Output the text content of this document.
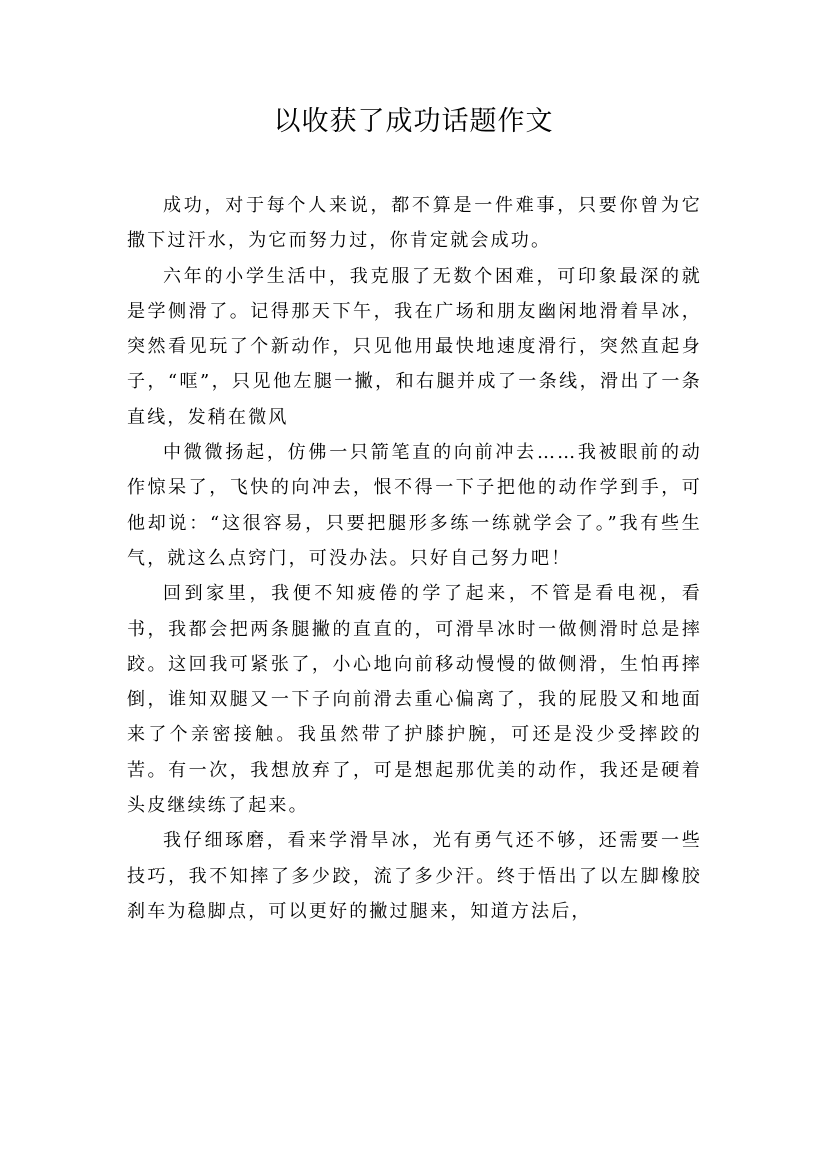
以收获了成功话题作文

成功，对于每个人来说，都不算是一件难事，只要你曾为它撒下过汗水，为它而努力过，你肯定就会成功。

六年的小学生活中，我克服了无数个困难，可印象最深的就是学侧滑了。记得那天下午，我在广场和朋友幽闲地滑着旱冰，突然看见玩了个新动作，只见他用最快地速度滑行，突然直起身子，“哐”，只见他左腿一撇，和右腿并成了一条线，滑出了一条直线，发稍在微风

中微微扬起，仿佛一只箭笔直的向前冲去……我被眼前的动作惊呆了，飞快的向冲去，恨不得一下子把他的动作学到手，可他却说：“这很容易，只要把腿形多练一练就学会了。”我有些生气，就这么点窍门，可没办法。只好自己努力吧！

回到家里，我便不知疲倦的学了起来，不管是看电视，看书，我都会把两条腿撇的直直的，可滑旱冰时一做侧滑时总是摔跤。这回我可紧张了，小心地向前移动慢慢的做侧滑，生怕再摔倒，谁知双腿又一下子向前滑去重心偏离了，我的屁股又和地面来了个亲密接触。我虽然带了护膝护腕，可还是没少受摔跤的苦。有一次，我想放弃了，可是想起那优美的动作，我还是硬着头皮继续练了起来。

我仔细琢磨，看来学滑旱冰，光有勇气还不够，还需要一些技巧，我不知摔了多少跤，流了多少汗。终于悟出了以左脚橡胶刹车为稳脚点，可以更好的撇过腿来，知道方法后，
